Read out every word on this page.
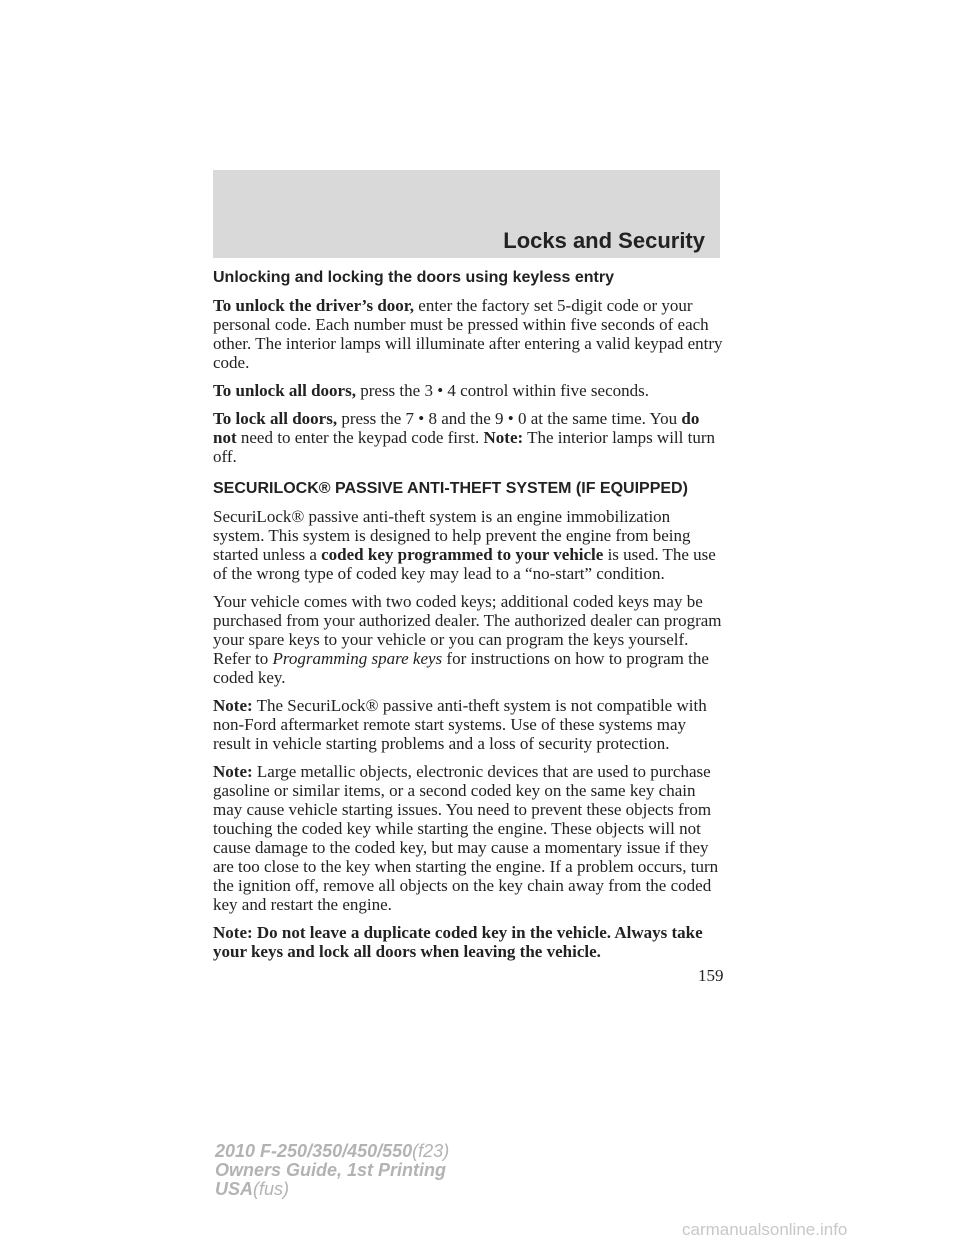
Locks and Security
Unlocking and locking the doors using keyless entry

To unlock the driver’s door, enter the factory set 5-digit code or your personal code. Each number must be pressed within five seconds of each other. The interior lamps will illuminate after entering a valid keypad entry code.

To unlock all doors, press the 3 • 4 control within five seconds.

To lock all doors, press the 7 • 8 and the 9 • 0 at the same time. You do not need to enter the keypad code first. Note: The interior lamps will turn off.

SECURILOCK® PASSIVE ANTI-THEFT SYSTEM (IF EQUIPPED)

SecuriLock® passive anti-theft system is an engine immobilization system. This system is designed to help prevent the engine from being started unless a coded key programmed to your vehicle is used. The use of the wrong type of coded key may lead to a “no-start” condition.

Your vehicle comes with two coded keys; additional coded keys may be purchased from your authorized dealer. The authorized dealer can program your spare keys to your vehicle or you can program the keys yourself. Refer to Programming spare keys for instructions on how to program the coded key.

Note: The SecuriLock® passive anti-theft system is not compatible with non-Ford aftermarket remote start systems. Use of these systems may result in vehicle starting problems and a loss of security protection.

Note: Large metallic objects, electronic devices that are used to purchase gasoline or similar items, or a second coded key on the same key chain may cause vehicle starting issues. You need to prevent these objects from touching the coded key while starting the engine. These objects will not cause damage to the coded key, but may cause a momentary issue if they are too close to the key when starting the engine. If a problem occurs, turn the ignition off, remove all objects on the key chain away from the coded key and restart the engine.

Note: Do not leave a duplicate coded key in the vehicle. Always take your keys and lock all doors when leaving the vehicle.

159
2010 F-250/350/450/550(f23)
Owners Guide, 1st Printing
USA(fus)
carmanualsonline.info
